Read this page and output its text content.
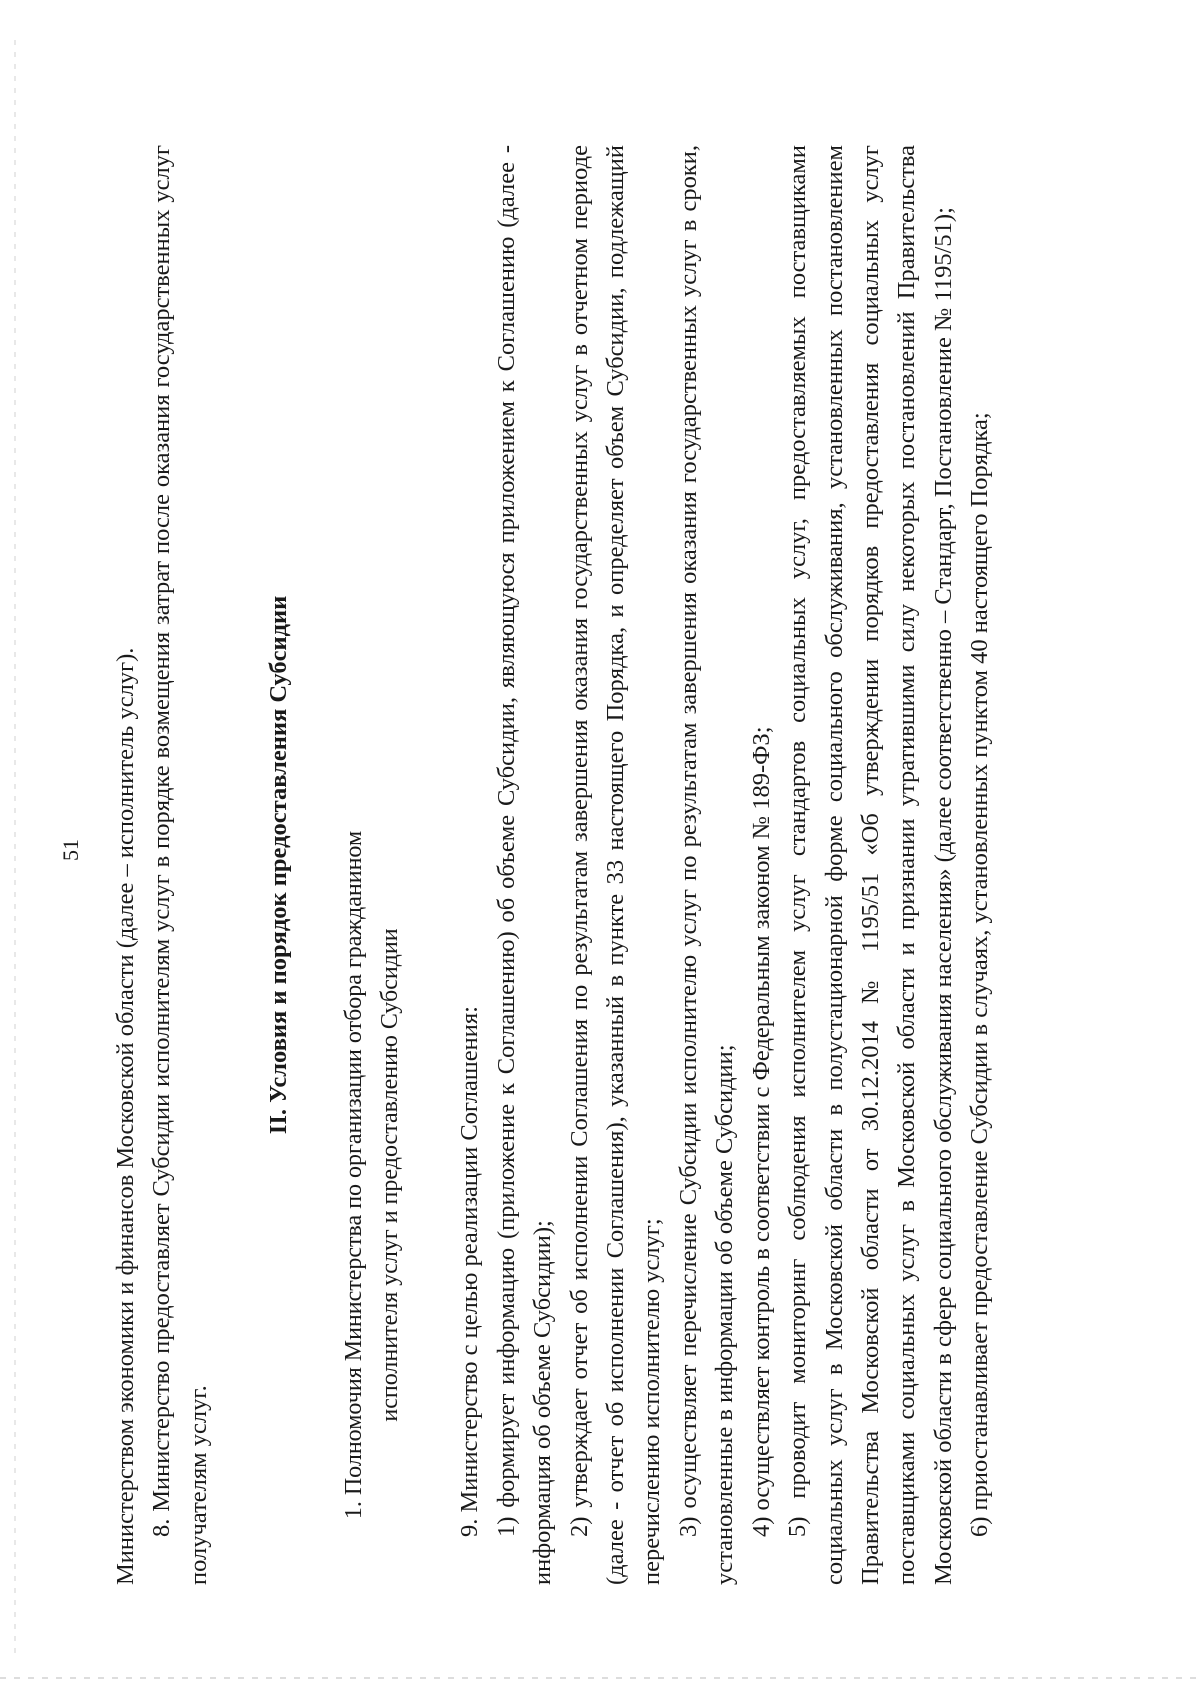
51 Министерством экономики и финансов Московской области (далее – исполнитель услуг). 8. Министерство предоставляет Субсидии исполнителям услуг в порядке возмещения затрат после оказания государственных услуг получателям услуг.

II. Условия и порядок предоставления Субсидии 1. Полномочия Министерства по организации отбора гражданином исполнителя услуг и предоставлению Субсидии 9. Министерство с целью реализации Соглашения: 1) формирует информацию (приложение к Соглашению) об объеме Субсидии, являющуюся приложением к Соглашению (далее - информация об объеме Субсидии); 2) утверждает отчет об исполнении Соглашения по результатам завершения оказания государственных услуг в отчетном периоде (далее - отчет об исполнении Соглашения), указанный в пункте 33 настоящего Порядка, и определяет объем Субсидии, подлежащий перечислению исполнителю услуг; 3) осуществляет перечисление Субсидии исполнителю услуг по результатам завершения оказания государственных услуг в сроки, установленные в информации об объеме Субсидии; 4) осуществляет контроль в соответствии с Федеральным законом № 189-ФЗ; 5) проводит мониторинг соблюдения исполнителем услуг стандартов социальных услуг, предоставляемых поставщиками социальных услуг в Московской области в полустационарной форме социального обслуживания, установленных постановлением Правительства Московской области от 30.12.2014 № 1195/51 «Об утверждении порядков предоставления социальных услуг поставщиками социальных услуг в Московской области и признании утратившими силу некоторых постановлений Правительства Московской области в сфере социального обслуживания населения» (далее соответственно – Стандарт, Постановление № 1195/51); 6) приостанавливает предоставление Субсидии в случаях, установленных пунктом 40 настоящего Порядка;
